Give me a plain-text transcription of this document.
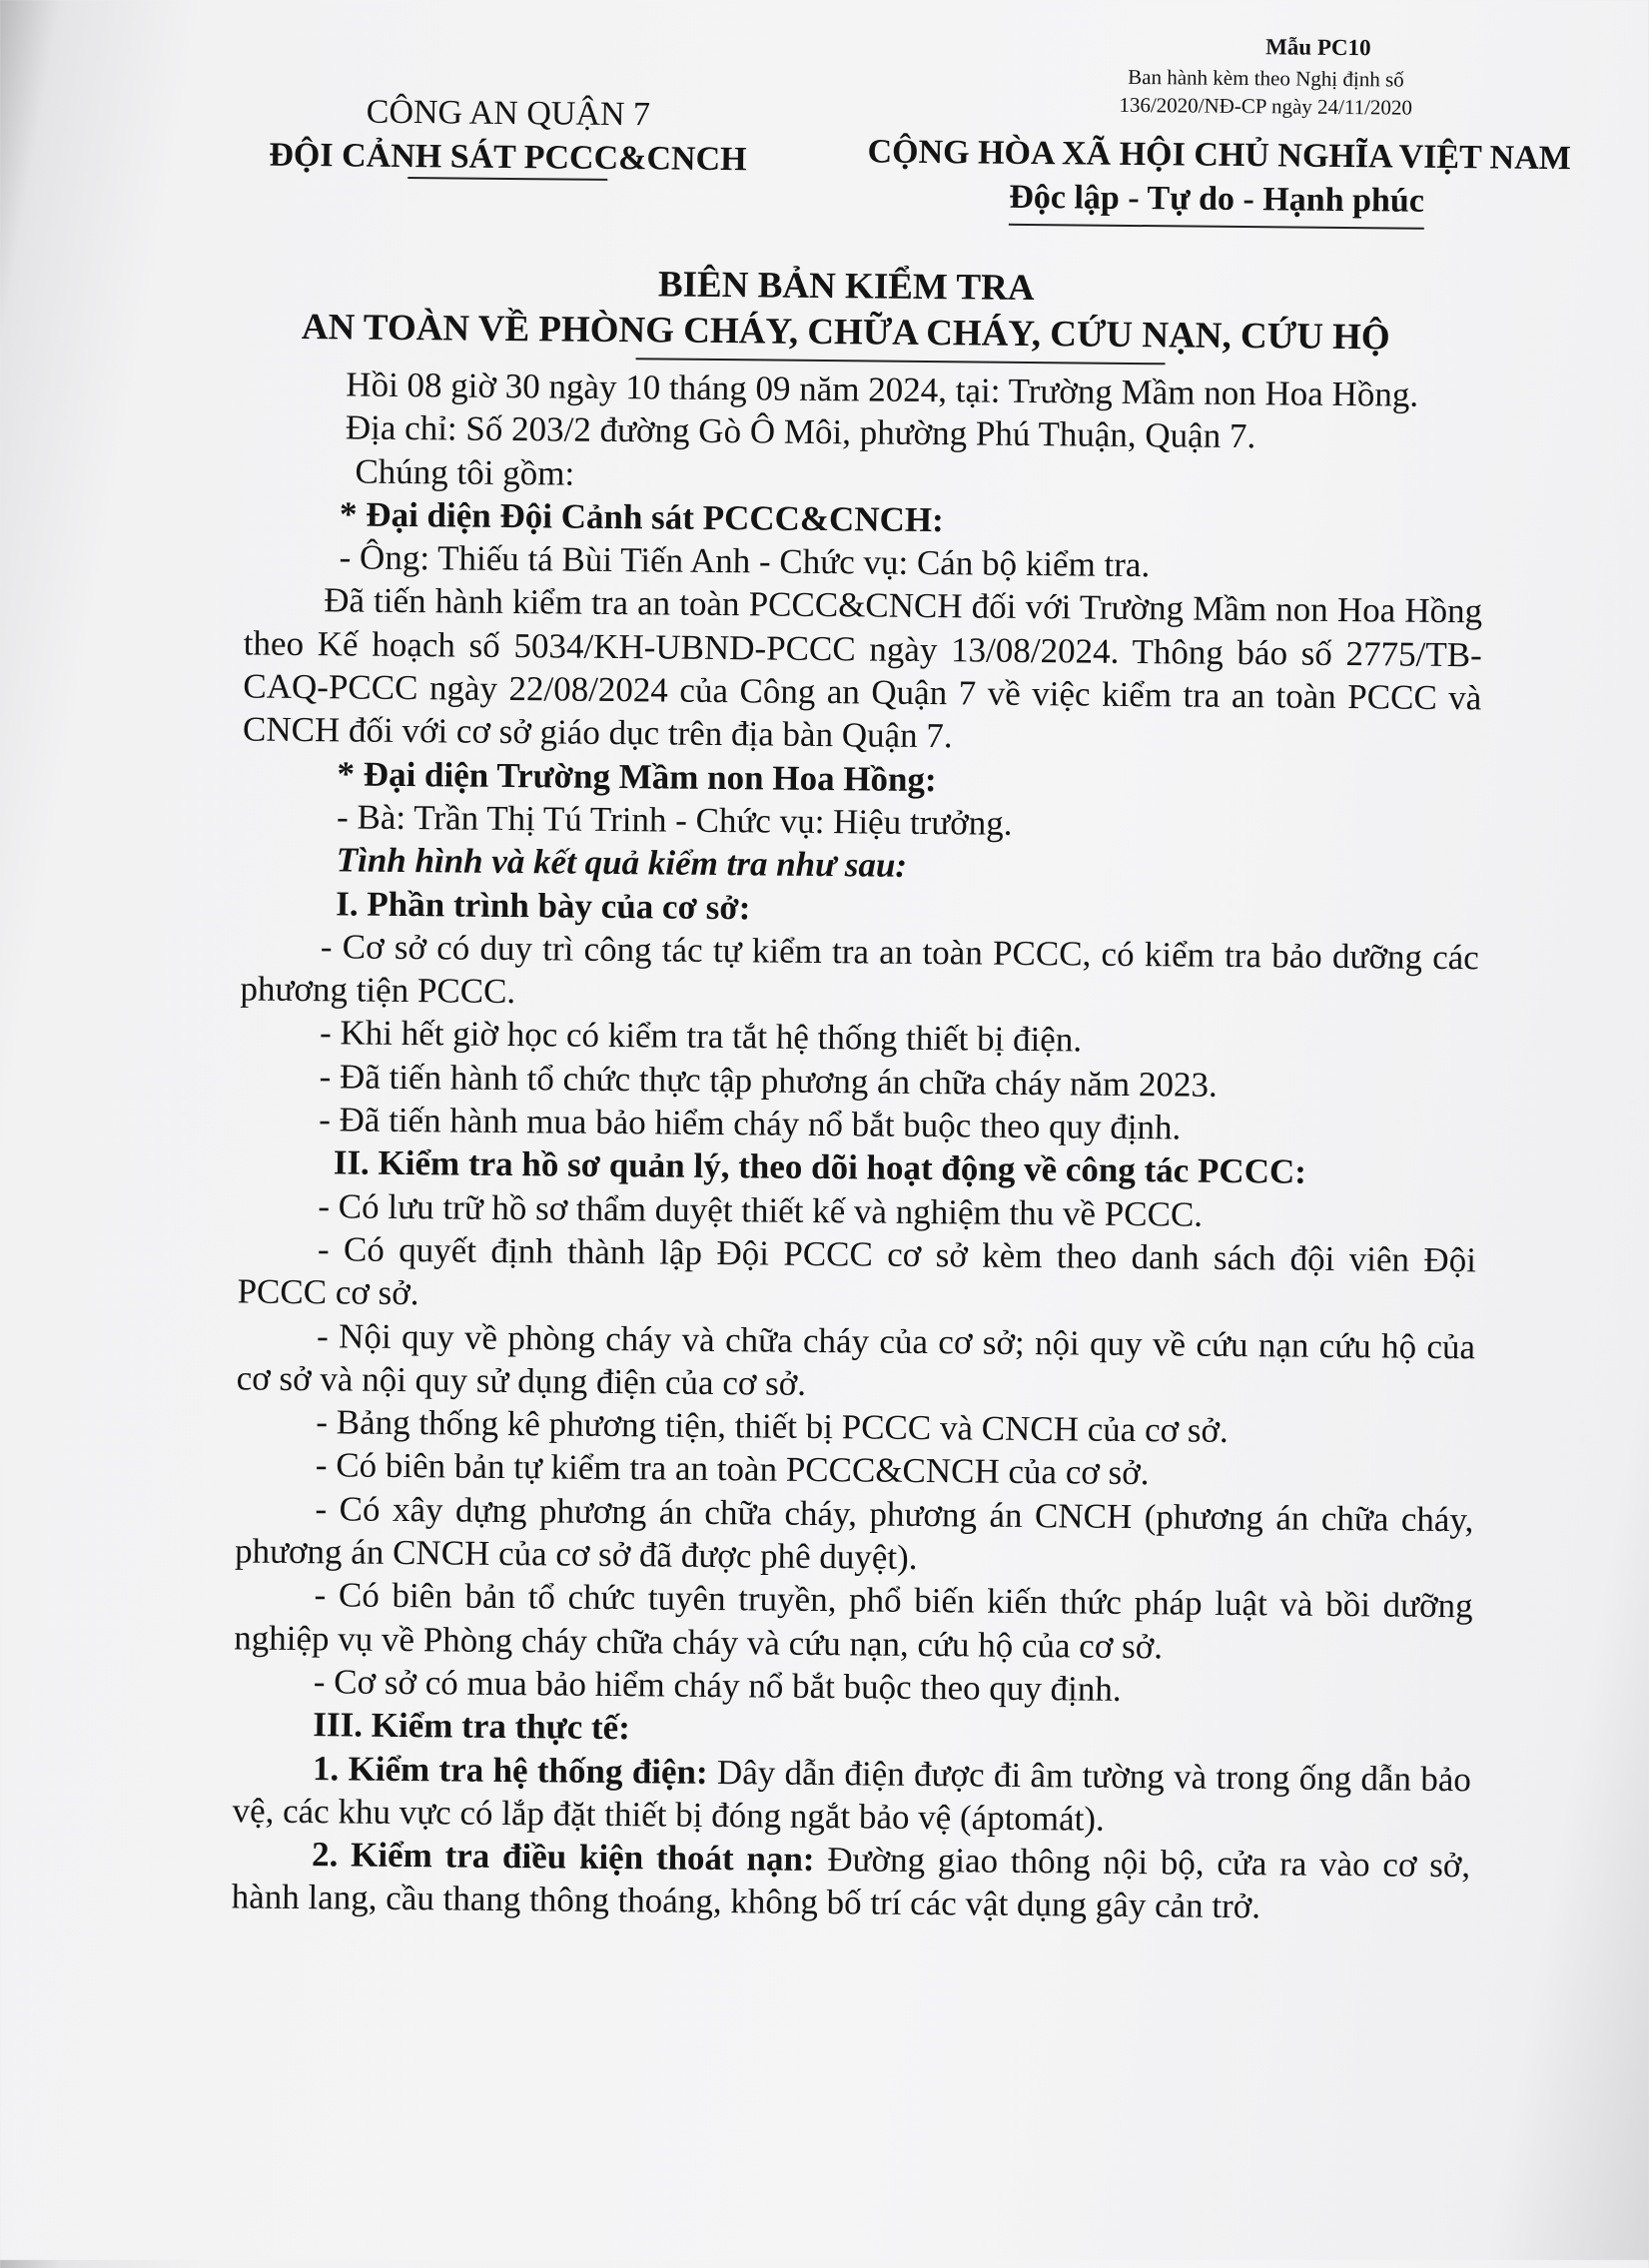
Mẫu PC10
Ban hành kèm theo Nghị định số
136/2020/NĐ-CP ngày 24/11/2020
CÔNG AN QUẬN 7
ĐỘI CẢNH SÁT PCCC&CNCH	CỘNG HÒA XÃ HỘI CHỦ NGHĨA VIỆT NAM
Độc lập - Tự do - Hạnh phúc
BIÊN BẢN KIỂM TRA
AN TOÀN VỀ PHÒNG CHÁY, CHỮA CHÁY, CỨU NẠN, CỨU HỘ

Hồi 08 giờ 30 ngày 10 tháng 09 năm 2024, tại: Trường Mầm non Hoa Hồng.

Địa chỉ: Số 203/2 đường Gò Ô Môi, phường Phú Thuận, Quận 7.

Chúng tôi gồm:

* Đại diện Đội Cảnh sát PCCC&CNCH:

- Ông: Thiếu tá Bùi Tiến Anh - Chức vụ: Cán bộ kiểm tra.

Đã tiến hành kiểm tra an toàn PCCC&CNCH đối với Trường Mầm non Hoa Hồng theo Kế hoạch số 5034/KH-UBND-PCCC ngày 13/08/2024. Thông báo số 2775/TB-CAQ-PCCC ngày 22/08/2024 của Công an Quận 7 về việc kiểm tra an toàn PCCC và CNCH đối với cơ sở giáo dục trên địa bàn Quận 7.

* Đại diện Trường Mầm non Hoa Hồng:

- Bà: Trần Thị Tú Trinh - Chức vụ: Hiệu trưởng.

Tình hình và kết quả kiểm tra như sau:

I. Phần trình bày của cơ sở:

- Cơ sở có duy trì công tác tự kiểm tra an toàn PCCC, có kiểm tra bảo dưỡng các phương tiện PCCC.

- Khi hết giờ học có kiểm tra tắt hệ thống thiết bị điện.

- Đã tiến hành tổ chức thực tập phương án chữa cháy năm 2023.

- Đã tiến hành mua bảo hiểm cháy nổ bắt buộc theo quy định.

II. Kiểm tra hồ sơ quản lý, theo dõi hoạt động về công tác PCCC:

- Có lưu trữ hồ sơ thẩm duyệt thiết kế và nghiệm thu về PCCC.

- Có quyết định thành lập Đội PCCC cơ sở kèm theo danh sách đội viên Đội PCCC cơ sở.

- Nội quy về phòng cháy và chữa cháy của cơ sở; nội quy về cứu nạn cứu hộ của cơ sở và nội quy sử dụng điện của cơ sở.

- Bảng thống kê phương tiện, thiết bị PCCC và CNCH của cơ sở.

- Có biên bản tự kiểm tra an toàn PCCC&CNCH của cơ sở.

- Có xây dựng phương án chữa cháy, phương án CNCH (phương án chữa cháy, phương án CNCH của cơ sở đã được phê duyệt).

- Có biên bản tổ chức tuyên truyền, phổ biến kiến thức pháp luật và bồi dưỡng nghiệp vụ về Phòng cháy chữa cháy và cứu nạn, cứu hộ của cơ sở.

- Cơ sở có mua bảo hiểm cháy nổ bắt buộc theo quy định.

III. Kiểm tra thực tế:

1. Kiểm tra hệ thống điện: Dây dẫn điện được đi âm tường và trong ống dẫn bảo vệ, các khu vực có lắp đặt thiết bị đóng ngắt bảo vệ (áptomát).

2. Kiểm tra điều kiện thoát nạn: Đường giao thông nội bộ, cửa ra vào cơ sở, hành lang, cầu thang thông thoáng, không bố trí các vật dụng gây cản trở.
